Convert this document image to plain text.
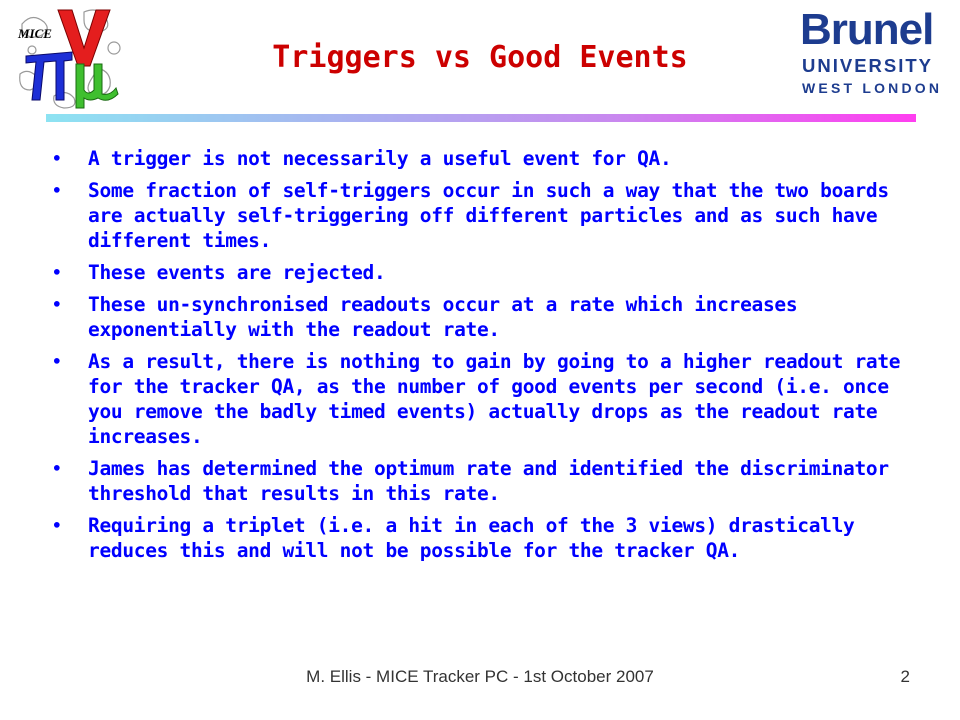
MICE	Brunel
UNIVERSITY
WEST LONDON
Triggers vs Good Events
• A trigger is not necessarily a useful event for QA.
• Some fraction of self-triggers occur in such a way that the two boards are actually self-triggering off different particles and as such have different times.
• These events are rejected.
• These un-synchronised readouts occur at a rate which increases exponentially with the readout rate.
• As a result, there is nothing to gain by going to a higher readout rate for the tracker QA, as the number of good events per second (i.e. once you remove the badly timed events) actually drops as the readout rate increases.
• James has determined the optimum rate and identified the discriminator threshold that results in this rate.
• Requiring a triplet (i.e. a hit in each of the 3 views) drastically reduces this and will not be possible for the tracker QA.
M. Ellis - MICE Tracker PC - 1st October 2007	2
